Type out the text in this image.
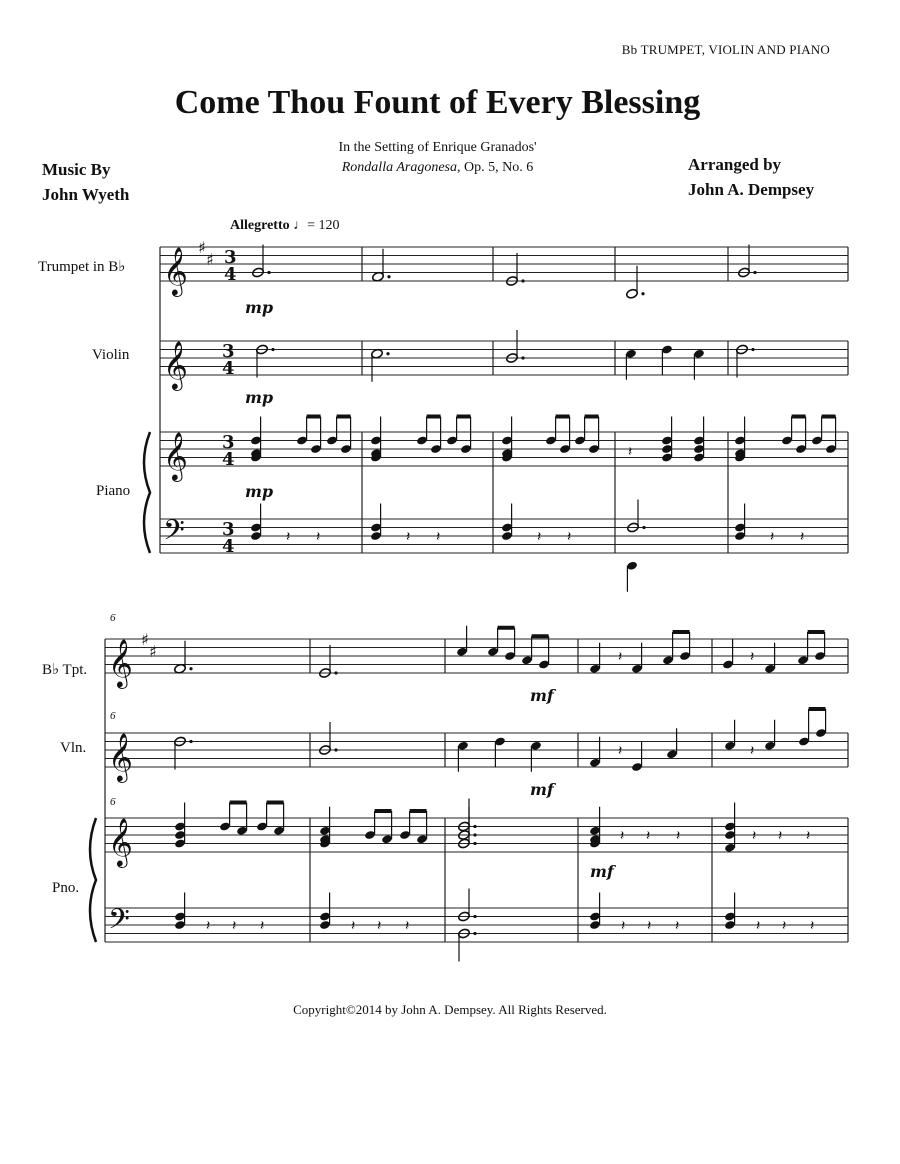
Bb TRUMPET, VIOLIN AND PIANO
Come Thou Fount of Every Blessing
In the Setting of Enrique Granados'
Rondalla Aragonesa, Op. 5, No. 6
Music By
John Wyeth
Arranged by
John A. Dempsey
Allegretto ♩= 120
Trumpet in B♭
Violin
Piano
B♭ Tpt.
Vln.
Pno.
6
6
6
mp
mp
mp
mf
mf
mf
Copyright©2014 by John A. Dempsey. All Rights Reserved.
𝄞
𝄞
𝄞
𝄢
♯
♯ 3
4
3
4
3
4
3
4
𝄞
𝄞
𝄞
𝄢
♯
♯
𝄽
𝄽 𝄽	𝄽 𝄽	𝄽 𝄽	𝄽 𝄽
𝄽	𝄽
𝄽	𝄽
𝄽 𝄽 𝄽	𝄽 𝄽 𝄽
𝄽 𝄽 𝄽	𝄽 𝄽 𝄽	𝄽 𝄽 𝄽	𝄽 𝄽 𝄽
